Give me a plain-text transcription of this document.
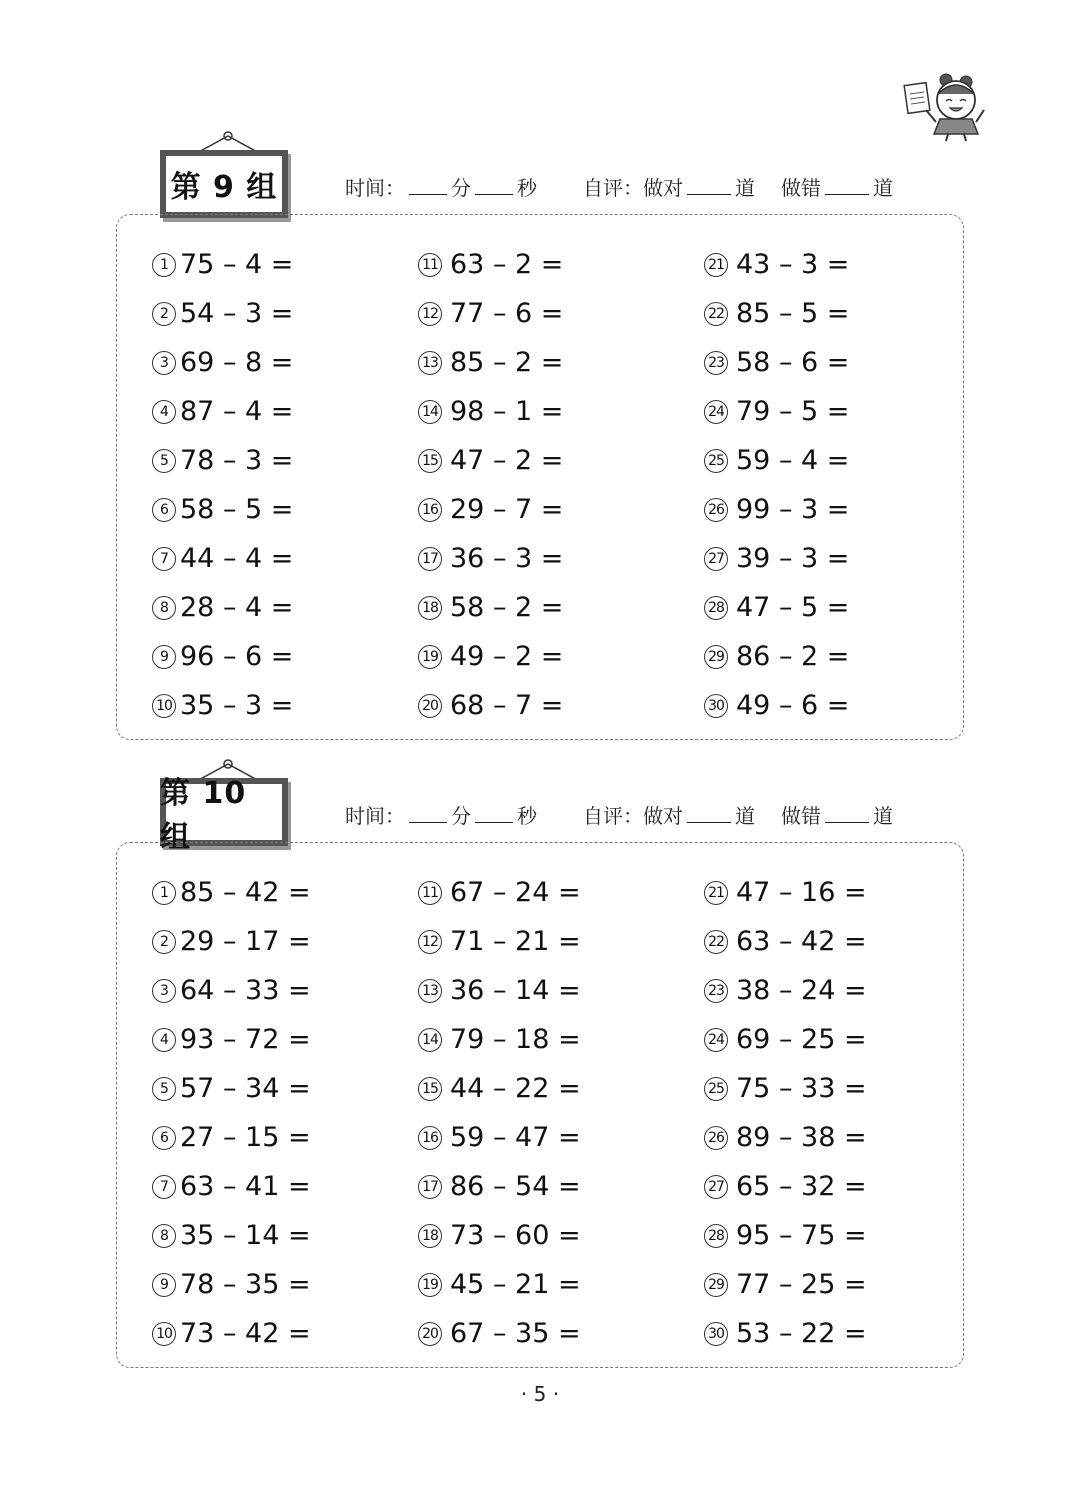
第 9 组	时间： 分 秒 自评：做对	道 做错	道
1 75 – 4 =
2 54 – 3 =
3 69 – 8 =
4 87 – 4 =
5 78 – 3 =
6 58 – 5 =
7 44 – 4 =
8 28 – 4 =
9 96 – 6 =
10 35 – 3 =
11 63 – 2 =
12 77 – 6 =
13 85 – 2 =
14 98 – 1 =
15 47 – 2 =
16 29 – 7 =
17 36 – 3 =
18 58 – 2 =
19 49 – 2 =
20 68 – 7 =
21 43 – 3 =
22 85 – 5 =
23 58 – 6 =
24 79 – 5 =
25 59 – 4 =
26 99 – 3 =
27 39 – 3 =
28 47 – 5 =
29 86 – 2 =
30 49 – 6 =
第 10 组
时间： 分 秒 自评：做对	道 做错	道
1 85 – 42 =
2 29 – 17 =
3 64 – 33 =
4 93 – 72 =
5 57 – 34 =
6 27 – 15 =
7 63 – 41 =
8 35 – 14 =
9 78 – 35 =
10 73 – 42 =
11 67 – 24 =
12 71 – 21 =
13 36 – 14 =
14 79 – 18 =
15 44 – 22 =
16 59 – 47 =
17 86 – 54 =
18 73 – 60 =
19 45 – 21 =
20 67 – 35 =
21 47 – 16 =
22 63 – 42 =
23 38 – 24 =
24 69 – 25 =
25 75 – 33 =
26 89 – 38 =
27 65 – 32 =
28 95 – 75 =
29 77 – 25 =
30 53 – 22 =
· 5 ·
